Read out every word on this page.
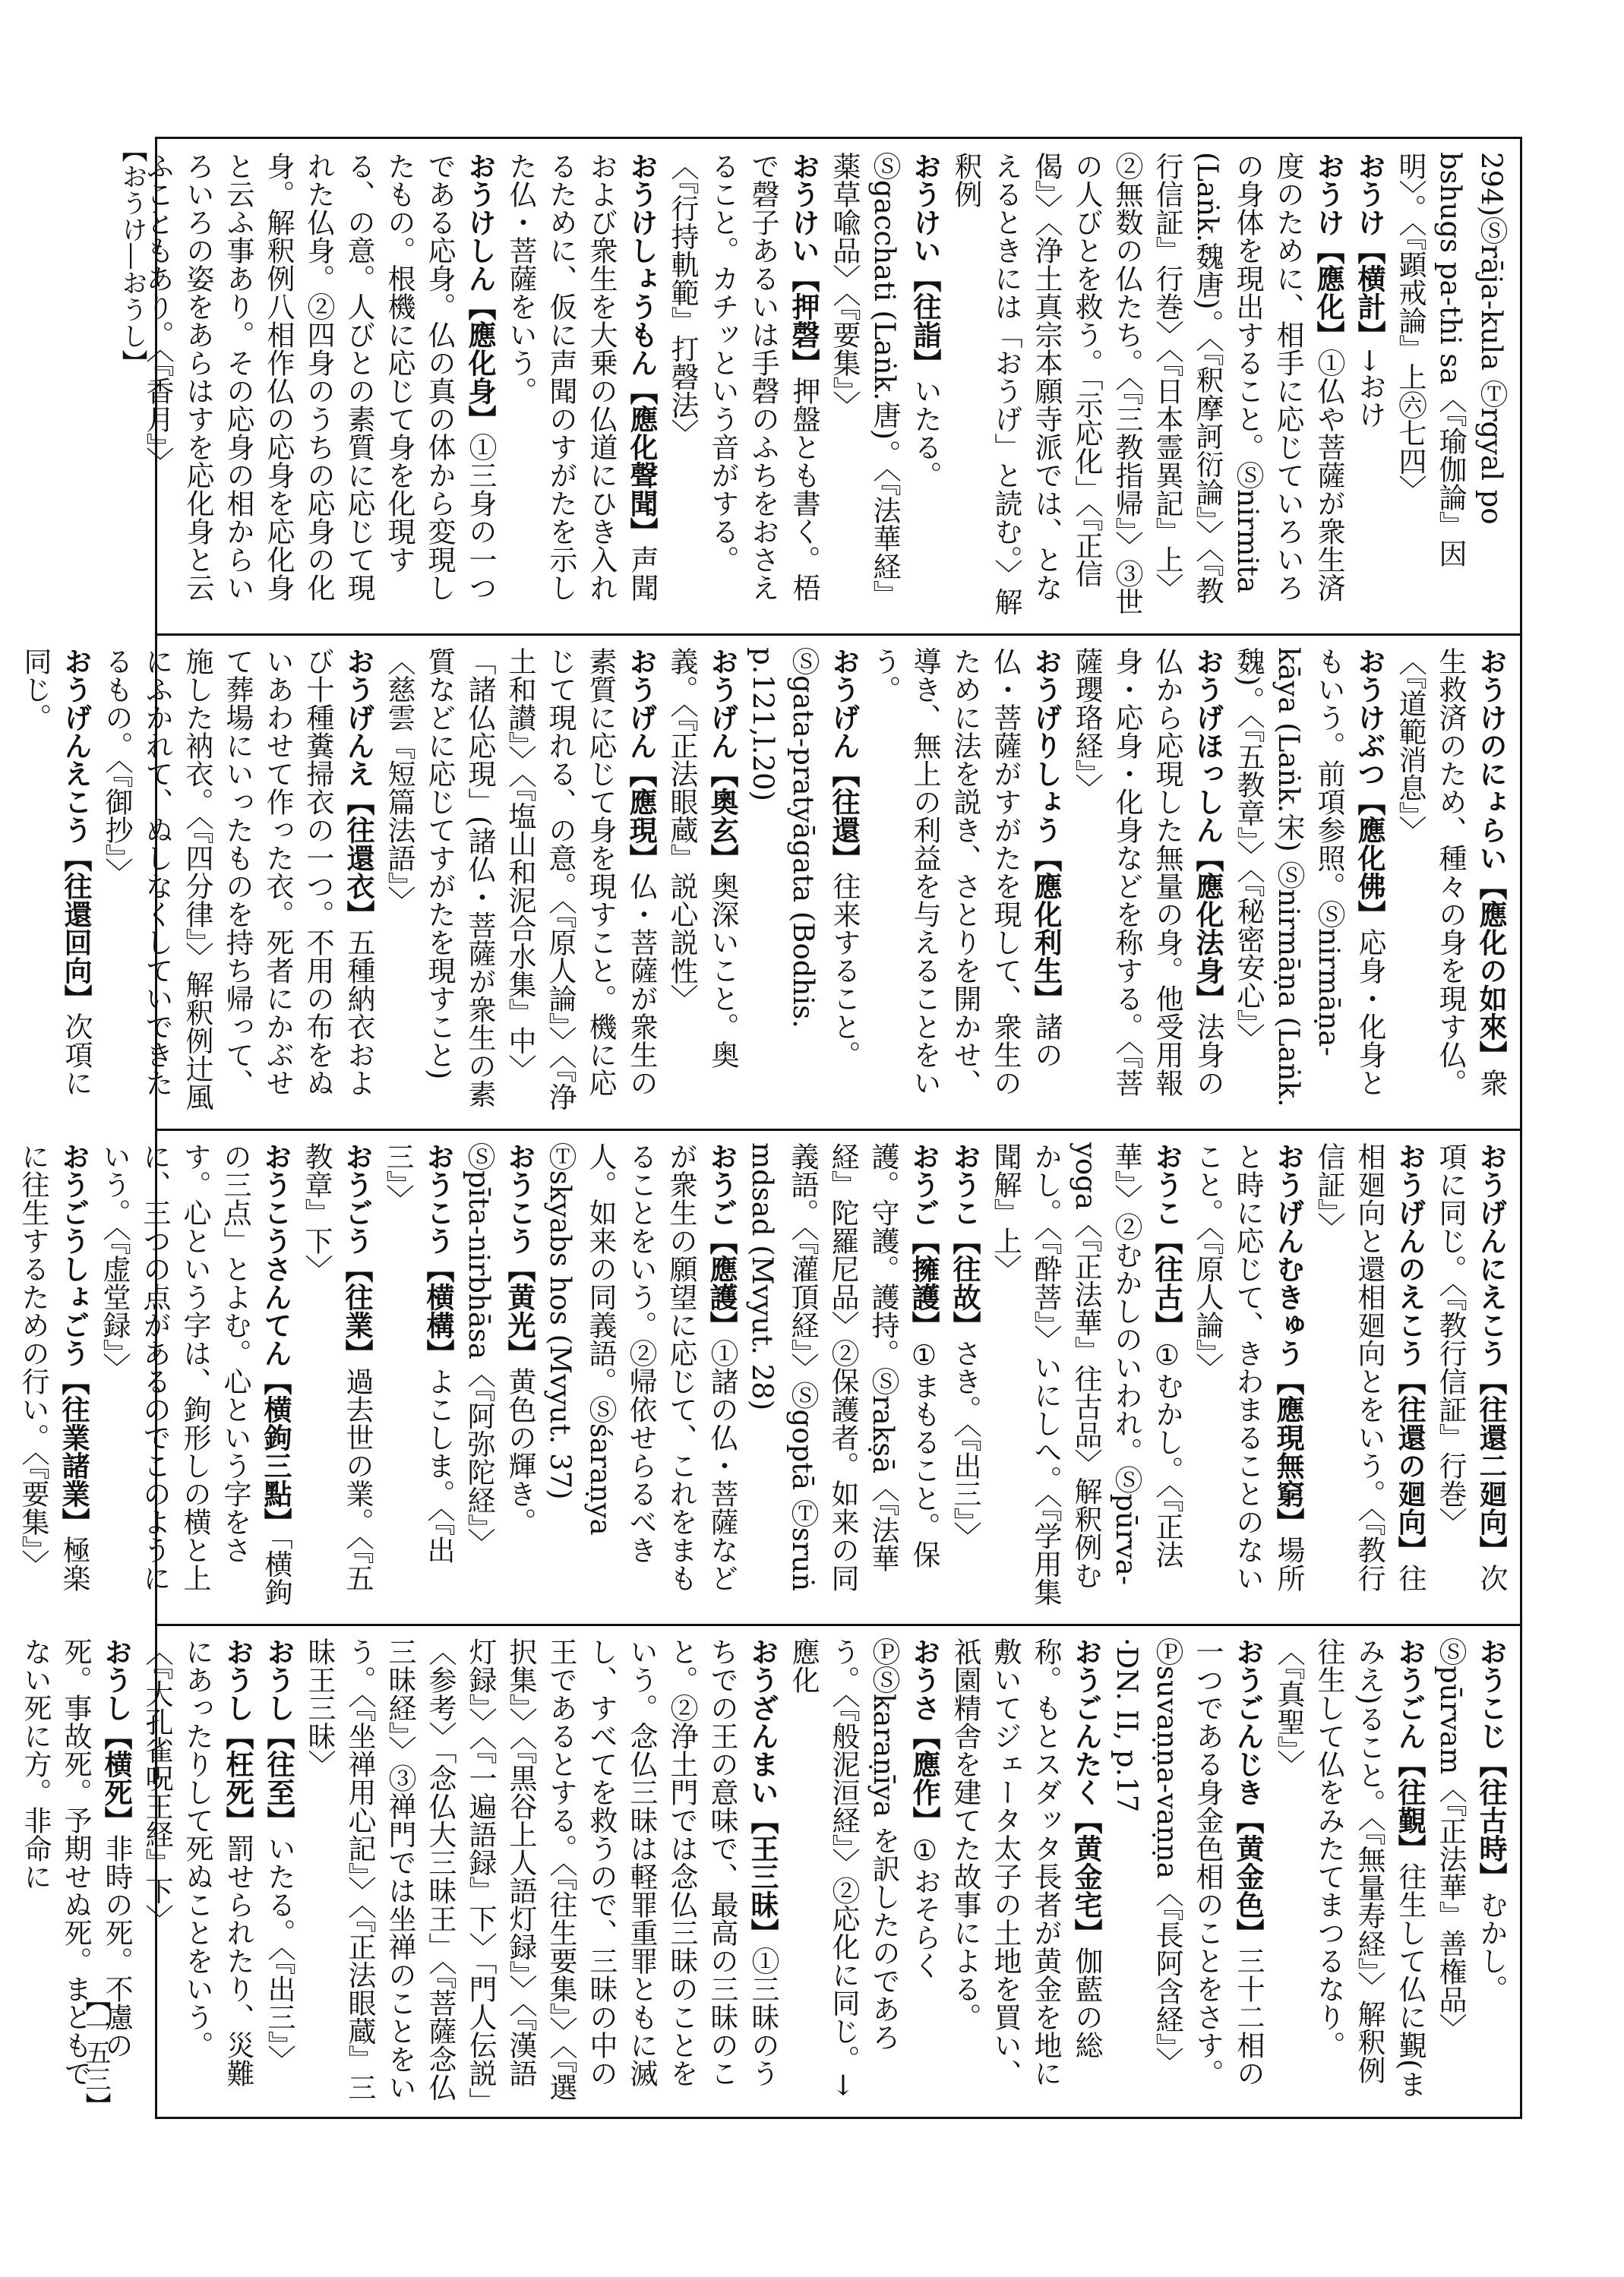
【おうけ―おうし】
【一五三】

294)Ⓢrāja-kula Ⓣrgyal po bshugs pa-thi sa〈『瑜伽論』因明〉。〈『顕戒論』上㊅七四〉

おうけ【横計】→おけ

おうけ【應化】①仏や菩薩が衆生済度のために、相手に応じていろいろの身体を現出すること。Ⓢnirmita (Laṅk.魏唐)。〈『釈摩訶衍論』〉〈『教行信証』行巻〉〈『日本霊異記』上〉②無数の仏たち。〈『三教指帰』〉③世の人びとを救う。「示応化」〈『正信偈』〉〈浄土真宗本願寺派では、となえるときには「おうげ」と読む。〉解釈例

おうけい【往詣】いたる。Ⓢgacchati (Laṅk.唐)。〈『法華経』薬草喩品〉〈『要集』〉

おうけい【押磬】押盤とも書く。梧で磬子あるいは手磬のふちをおさえること。カチッという音がする。〈『行持軌範』打磬法〉

おうけしょうもん【應化聲聞】声聞および衆生を大乗の仏道にひき入れるために、仮に声聞のすがたを示した仏・菩薩をいう。

おうけしん【應化身】①三身の一つである応身。仏の真の体から変現したもの。根機に応じて身を化現する、の意。人びとの素質に応じて現れた仏身。②四身のうちの応身の化身。解釈例八相作仏の応身を応化身と云ふ事あり。その応身の相からいろいろの姿をあらはすを応化身と云ふこともあり。〈『香月』〉

おうけのにょらい【應化の如來】衆生救済のため、種々の身を現す仏。〈『道範消息』〉

おうけぶつ【應化佛】応身・化身ともいう。前項参照。Ⓢnirmāṇa-kāya (Laṅk.宋) Ⓢnirmāṇa (Laṅk.魏)。〈『五教章』〉〈『秘密安心』〉

おうげほっしん【應化法身】法身の仏から応現した無量の身。他受用報身・応身・化身などを称する。〈『菩薩瓔珞経』〉

おうげりしょう【應化利生】諸の仏・菩薩がすがたを現して、衆生のために法を説き、さとりを開かせ、導き、無上の利益を与えることをいう。

おうげん【往還】往来すること。Ⓢgata-pratyāgata (Bodhis. p.121,l.20)

おうげん【奧玄】奥深いこと。奥義。〈『正法眼蔵』説心説性〉

おうげん【應現】仏・菩薩が衆生の素質に応じて身を現すこと。機に応じて現れる、の意。〈『原人論』〉〈『浄土和讃』〉〈『塩山和泥合水集』中〉「諸仏応現」(諸仏・菩薩が衆生の素質などに応じてすがたを現すこと)〈慈雲『短篇法語』〉

おうげんえ【往還衣】五種納衣および十種糞掃衣の一つ。不用の布をぬいあわせて作った衣。死者にかぶせて葬場にいったものを持ち帰って、施した衲衣。〈『四分律』〉解釈例辻風にふかれて、ぬしなくしていできたるもの。〈『御抄』〉

おうげんえこう【往還回向】次項に同じ。

おうげんにえこう【往還二廻向】次項に同じ。〈『教行信証』行巻〉

おうげんのえこう【往還の廻向】往相廻向と還相廻向とをいう。〈『教行信証』〉

おうげんむきゅう【應現無窮】場所と時に応じて、きわまることのないこと。〈『原人論』〉

おうこ【往古】①むかし。〈『正法華』〉②むかしのいわれ。Ⓢpūrva-yoga〈『正法華』往古品〉解釈例むかし。〈『酔菩』〉いにしへ。〈『学用集聞解』上〉

おうこ【往故】さき。〈『出三』〉

おうご【擁護】①まもること。保護。守護。護持。Ⓢrakṣā〈『法華経』陀羅尼品〉②保護者。如来の同義語。〈『灌頂経』〉Ⓢgoptā Ⓣsruṅ mdsad (Mvyut. 28)

おうご【應護】①諸の仏・菩薩などが衆生の願望に応じて、これをまもることをいう。②帰依せらるべき人。如来の同義語。Ⓢśaraṇya Ⓣskyabs hos (Mvyut. 37)

おうこう【黄光】黄色の輝き。Ⓢpīta-nirbhāsa〈『阿弥陀経』〉

おうこう【横構】よこしま。〈『出三』〉

おうごう【往業】過去世の業。〈『五教章』下〉

おうこうさんてん【横鉤三點】「横鉤の三点」とよむ。心という字をさす。心という字は、鉤形しの横と上に、三つの点があるのでこのようにいう。〈『虚堂録』〉

おうごうしょごう【往業諸業】極楽に往生するための行い。〈『要集』〉

おうこじ【往古時】むかし。Ⓢpūrvam〈『正法華』善権品〉

おうごん【往覲】往生して仏に覲(まみえ)ること。〈『無量寿経』〉解釈例往生して仏をみたてまつるなり。〈『真聖』〉

おうごんじき【黄金色】三十二相の一つである身金色相のことをさす。Ⓟsuvaṇṇa-vaṇṇa〈『長阿含経』〉·DN. II, p.17

おうごんたく【黄金宅】伽藍の総称。もとスダッタ長者が黄金を地に敷いてジェータ太子の土地を買い、祇園精舎を建てた故事による。

おうさ【應作】①おそらくⓅⓈkaraṇīya を訳したのであろう。〈『般泥洹経』〉②応化に同じ。→應化

おうざんまい【王三昧】①三昧のうちでの王の意味で、最高の三昧のこと。②浄土門では念仏三昧のことをいう。念仏三昧は軽罪重罪ともに滅し、すべてを救うので、三昧の中の王であるとする。〈『往生要集』〉〈『選択集』〉〈『黒谷上人語灯録』〉〈『漢語灯録』〉〈『一遍語録』下〉「門人伝説」〈参考〉「念仏大三昧王」〈『菩薩念仏三昧経』〉③禅門では坐禅のことをいう。〈『坐禅用心記』〉〈『正法眼蔵』三昧王三昧〉

おうし【往至】いたる。〈『出三』〉

おうし【枉死】罰せられたり、災難にあったりして死ぬことをいう。〈『大孔雀呪王経』下〉

おうし【横死】非時の死。不慮の死。事故死。予期せぬ死。まともでない死に方。非命に
